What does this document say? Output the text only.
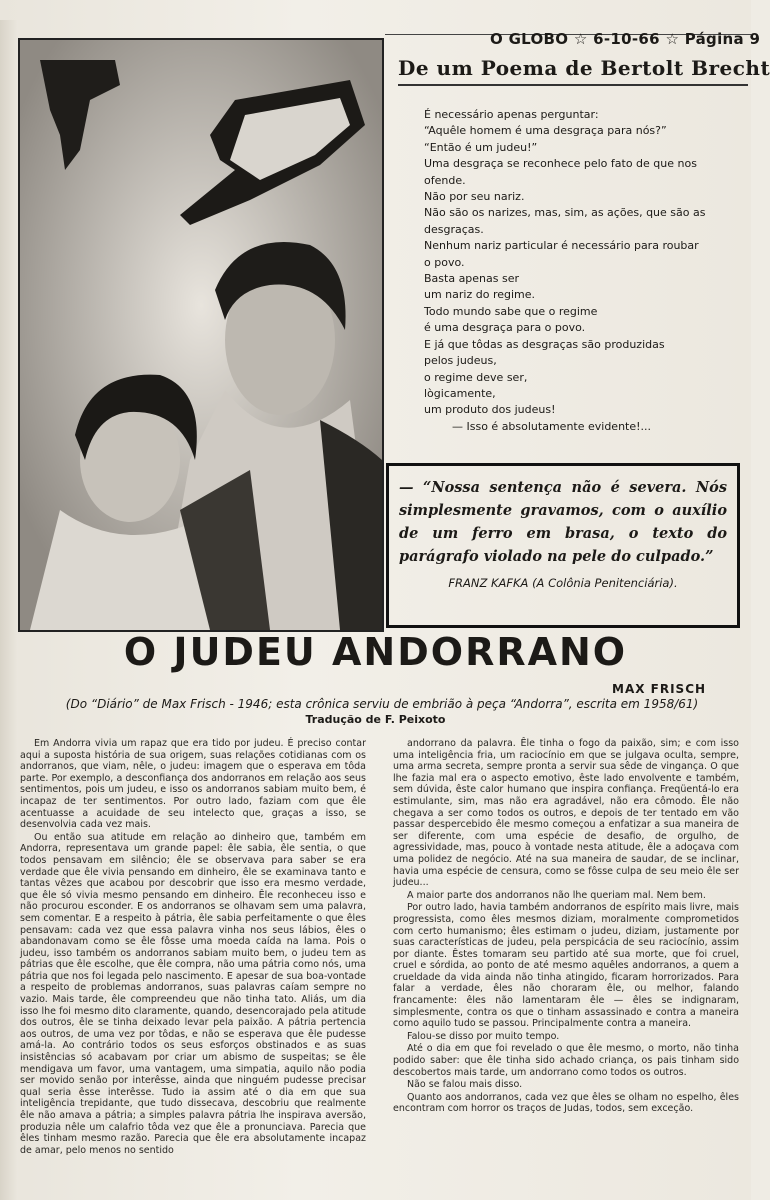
O GLOBO ☆ 6-10-66 ☆ Página 9
De um Poema de Bertolt Brecht
É necessário apenas perguntar:
“Aquêle homem é uma desgraça para nós?”
“Então é um judeu!”
Uma desgraça se reconhece pelo fato de que nos
ofende.
Não por seu nariz.
Não são os narizes, mas, sim, as ações, que são as
desgraças.
Nenhum nariz particular é necessário para roubar
o povo.
Basta apenas ser
um nariz do regime.
Todo mundo sabe que o regime
é uma desgraça para o povo.
E já que tôdas as desgraças são produzidas
pelos judeus,
o regime deve ser,
lògicamente,
um produto dos judeus!
— Isso é absolutamente evidente!...
— “Nossa sentença não é severa. Nós simplesmente gravamos, com o auxílio de um ferro em brasa, o texto do parágrafo violado na pele do culpado.”
FRANZ KAFKA (A Colônia Penitenciária).
O JUDEU ANDORRANO
MAX FRISCH
(Do “Diário” de Max Frisch - 1946; esta crônica serviu de embrião à peça “Andorra”, escrita em 1958/61)
Tradução de F. Peixoto

Em Andorra vivia um rapaz que era tido por judeu. É preciso contar aqui a suposta história de sua origem, suas relações cotidianas com os andorranos, que viam, nêle, o judeu: imagem que o esperava em tôda parte. Por exemplo, a desconfiança dos andorranos em relação aos seus sentimentos, pois um judeu, e isso os andorranos sabiam muito bem, é incapaz de ter sentimentos. Por outro lado, faziam com que êle acentuasse a acuidade de seu intelecto que, graças a isso, se desenvolvia cada vez mais.

Ou então sua atitude em relação ao dinheiro que, também em Andorra, representava um grande papel: êle sabia, êle sentia, o que todos pensavam em silêncio; êle se observava para saber se era verdade que êle vivia pensando em dinheiro, êle se examinava tanto e tantas vêzes que acabou por descobrir que isso era mesmo verdade, que êle só vivia mesmo pensando em dinheiro. Êle reconheceu isso e não procurou esconder. E os andorranos se olhavam sem uma palavra, sem comentar. E a respeito à pátria, êle sabia perfeitamente o que êles pensavam: cada vez que essa palavra vinha nos seus lábios, êles o abandonavam como se êle fôsse uma moeda caída na lama. Pois o judeu, isso também os andorranos sabiam muito bem, o judeu tem as pátrias que êle escolhe, que êle compra, não uma pátria como nós, uma pátria que nos foi legada pelo nascimento. E apesar de sua boa-vontade a respeito de problemas andorranos, suas palavras caíam sempre no vazio. Mais tarde, êle compreendeu que não tinha tato. Aliás, um dia isso lhe foi mesmo dito claramente, quando, desencorajado pela atitude dos outros, êle se tinha deixado levar pela paixão. A pátria pertencia aos outros, de uma vez por tôdas, e não se esperava que êle pudesse amá-la. Ao contrário todos os seus esforços obstinados e as suas insistências só acabavam por criar um abismo de suspeitas; se êle mendigava um favor, uma vantagem, uma simpatia, aquilo não podia ser movido senão por interêsse, ainda que ninguém pudesse precisar qual seria êsse interêsse. Tudo ia assim até o dia em que sua inteligência trepidante, que tudo dissecava, descobriu que realmente êle não amava a pátria; a simples palavra pátria lhe inspirava aversão, produzia nêle um calafrio tôda vez que êle a pronunciava. Parecia que êles tinham mesmo razão. Parecia que êle era absolutamente incapaz de amar, pelo menos no sentido

andorrano da palavra. Êle tinha o fogo da paixão, sim; e com isso uma inteligência fria, um raciocínio em que se julgava oculta, sempre, uma arma secreta, sempre pronta a servir sua sêde de vingança. O que lhe fazia mal era o aspecto emotivo, êste lado envolvente e também, sem dúvida, êste calor humano que inspira confiança. Freqüentá-lo era estimulante, sim, mas não era agradável, não era cômodo. Êle não chegava a ser como todos os outros, e depois de ter tentado em vão passar despercebido êle mesmo começou a enfatizar a sua maneira de ser diferente, com uma espécie de desafio, de orgulho, de agressividade, mas, pouco à vontade nesta atitude, êle a adoçava com uma polidez de negócio. Até na sua maneira de saudar, de se inclinar, havia uma espécie de censura, como se fôsse culpa de seu meio êle ser judeu...

A maior parte dos andorranos não lhe queriam mal. Nem bem.

Por outro lado, havia também andorranos de espírito mais livre, mais progressista, como êles mesmos diziam, moralmente comprometidos com certo humanismo; êles estimam o judeu, diziam, justamente por suas características de judeu, pela perspicácia de seu raciocínio, assim por diante. Êstes tomaram seu partido até sua morte, que foi cruel, cruel e sórdida, ao ponto de até mesmo aquêles andorranos, a quem a crueldade da vida ainda não tinha atingido, ficaram horrorizados. Para falar a verdade, êles não choraram êle, ou melhor, falando francamente: êles não lamentaram êle — êles se indignaram, simplesmente, contra os que o tinham assassinado e contra a maneira como aquilo tudo se passou. Principalmente contra a maneira.

Falou-se disso por muito tempo.

Até o dia em que foi revelado o que êle mesmo, o morto, não tinha podido saber: que êle tinha sido achado criança, os pais tinham sido descobertos mais tarde, um andorrano como todos os outros.

Não se falou mais disso.

Quanto aos andorranos, cada vez que êles se olham no espelho, êles encontram com horror os traços de Judas, todos, sem exceção.
